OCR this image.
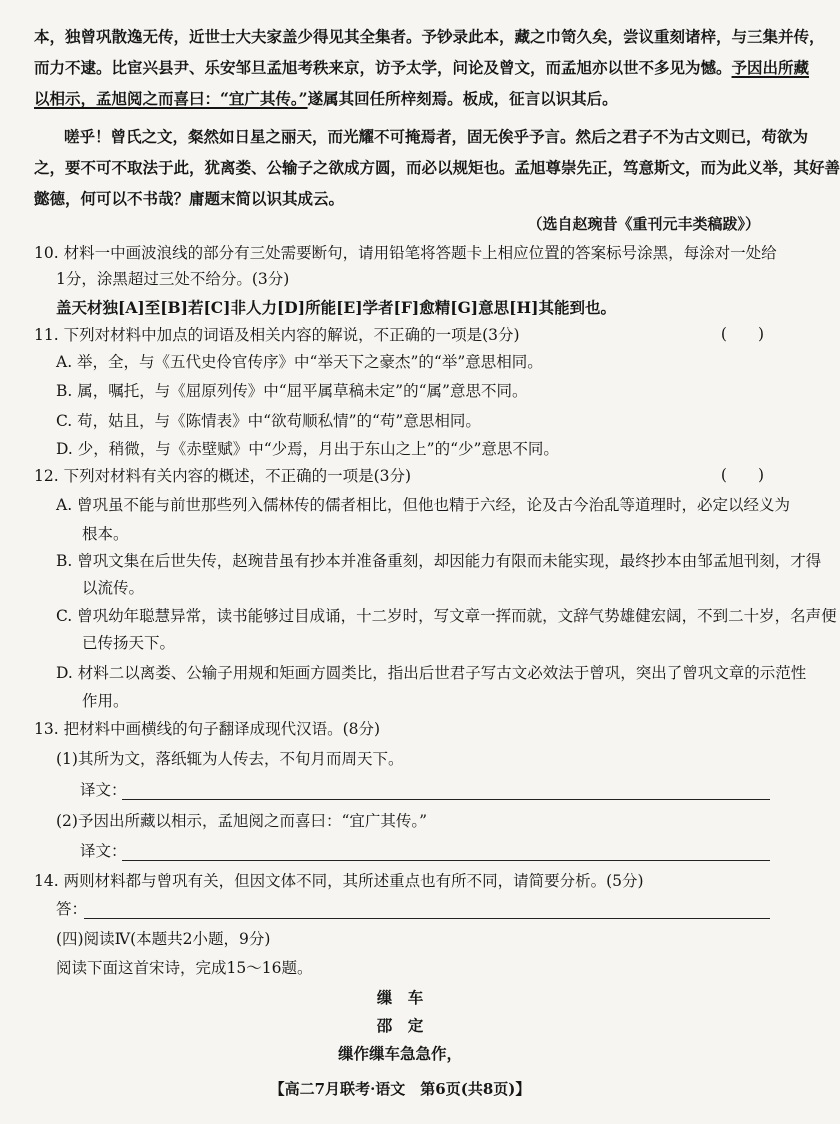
本，独曾巩散逸无传，近世士大夫家盖少得见其全集者。予钞录此本，藏之巾笥久矣，尝议重刻诸梓，与三集并传，
而力不逮。比宦兴县尹、乐安邹旦孟旭考秩来京，访予太学，问论及曾文，而孟旭亦以世不多见为憾。予因出所藏
以相示，孟旭阅之而喜曰：“宜广其传。”遂属其回任所梓刻焉。板成，征言以识其后。
嗟乎！曾氏之文，粲然如日星之丽天，而光耀不可掩焉者，固无俟乎予言。然后之君子不为古文则已，苟欲为
之，要不可不取法于此，犹离娄、公输子之欲成方圆，而必以规矩也。孟旭尊崇先正，笃意斯文，而为此义举，其好善
懿德，何可以不书哉？庸题末简以识其成云。
（选自赵琬昔《重刊元丰类稿跋》）
10. 材料一中画波浪线的部分有三处需要断句，请用铅笔将答题卡上相应位置的答案标号涂黑，每涂对一处给
1分，涂黑超过三处不给分。(3分)
盖天材独[A]至[B]若[C]非人力[D]所能[E]学者[F]愈精[G]意思[H]其能到也。
11. 下列对材料中加点的词语及相关内容的解说，不正确的一项是(3分)	(　　)
A. 举，全，与《五代史伶官传序》中“举天下之豪杰”的“举”意思相同。
B. 属，嘱托，与《屈原列传》中“屈平属草稿未定”的“属”意思不同。
C. 苟，姑且，与《陈情表》中“欲苟顺私情”的“苟”意思相同。
D. 少，稍微，与《赤壁赋》中“少焉，月出于东山之上”的“少”意思不同。
12. 下列对材料有关内容的概述，不正确的一项是(3分)	(　　)
A. 曾巩虽不能与前世那些列入儒林传的儒者相比，但他也精于六经，论及古今治乱等道理时，必定以经义为
根本。
B. 曾巩文集在后世失传，赵琬昔虽有抄本并准备重刻，却因能力有限而未能实现，最终抄本由邹孟旭刊刻，才得
以流传。
C. 曾巩幼年聪慧异常，读书能够过目成诵，十二岁时，写文章一挥而就，文辞气势雄健宏阔，不到二十岁，名声便
已传扬天下。
D. 材料二以离娄、公输子用规和矩画方圆类比，指出后世君子写古文必效法于曾巩，突出了曾巩文章的示范性
作用。
13. 把材料中画横线的句子翻译成现代汉语。(8分)
(1)其所为文，落纸辄为人传去，不旬月而周天下。
译文：
(2)予因出所藏以相示，孟旭阅之而喜曰：“宜广其传。”
译文：
14. 两则材料都与曾巩有关，但因文体不同，其所述重点也有所不同，请简要分析。(5分)
答：
(四)阅读Ⅳ(本题共2小题，9分)
阅读下面这首宋诗，完成15～16题。
缫　车
邵　定
缫作缫车急急作，
【高二7月联考·语文　第6页(共8页)】
